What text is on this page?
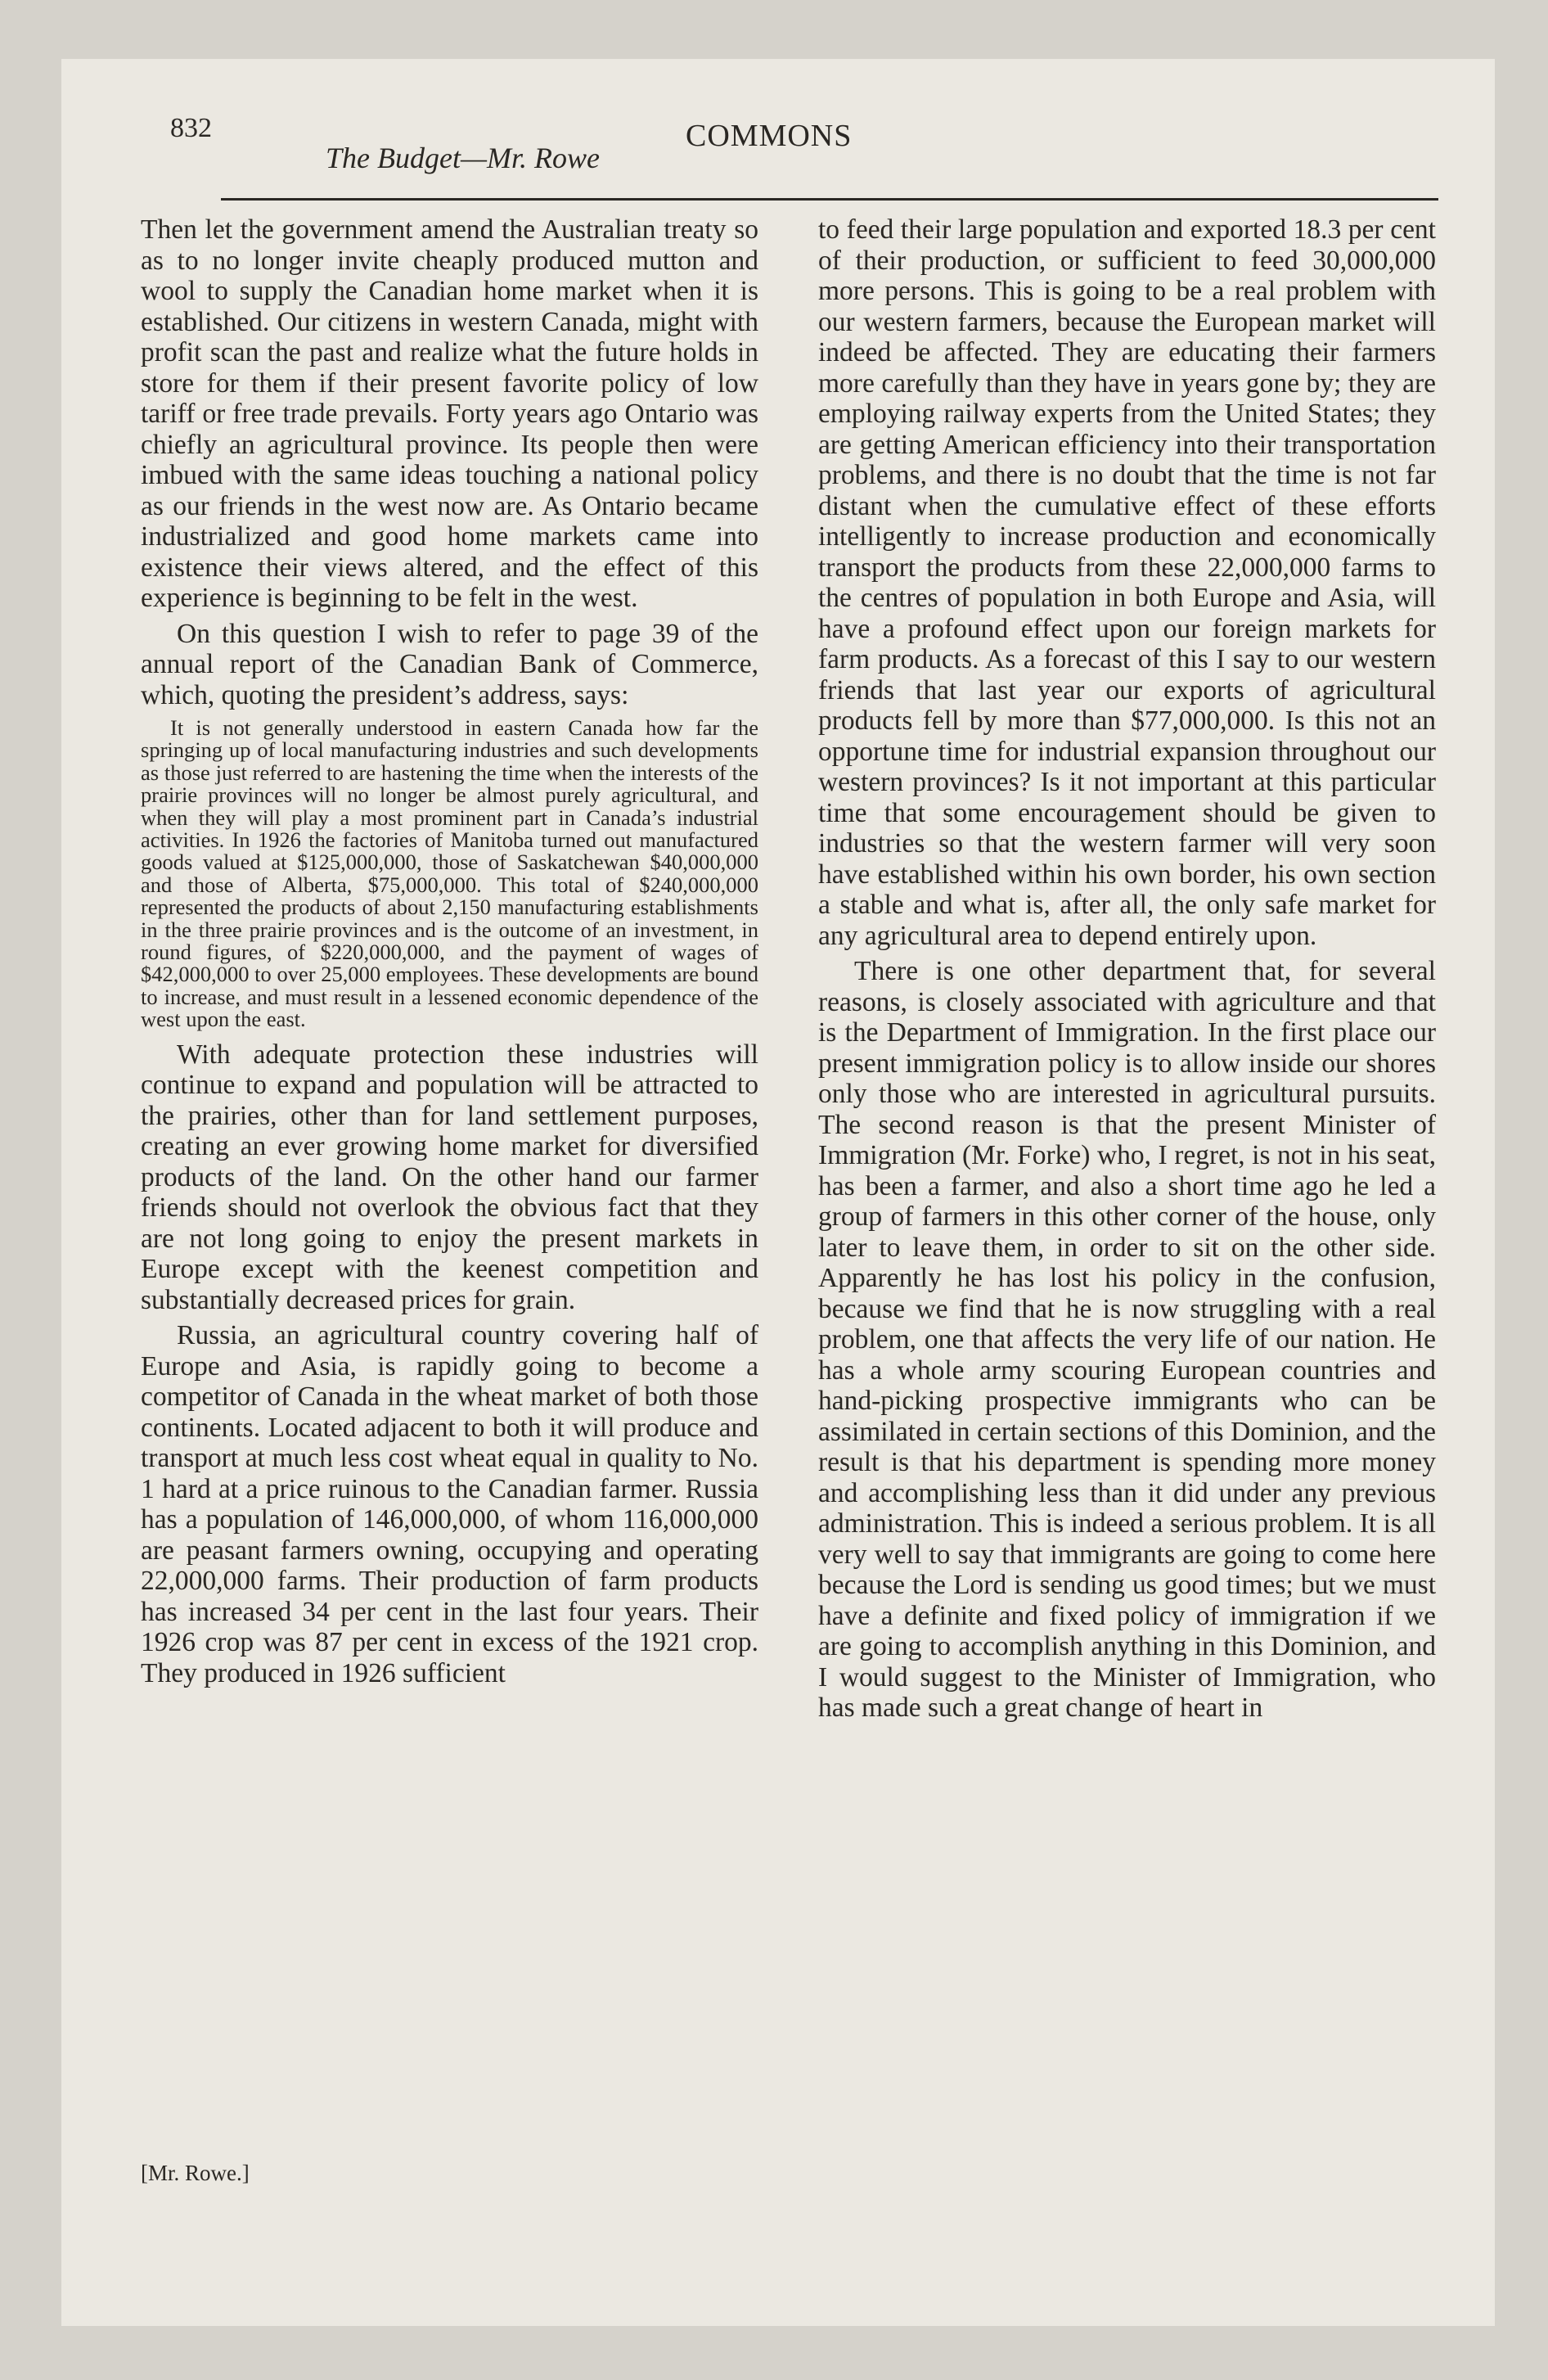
832
The Budget—Mr. Rowe
COMMONS

Then let the government amend the Australian treaty so as to no longer invite cheaply produced mutton and wool to supply the Canadian home market when it is established. Our citizens in western Canada, might with profit scan the past and realize what the future holds in store for them if their present favorite policy of low tariff or free trade prevails. Forty years ago Ontario was chiefly an agricultural province. Its people then were imbued with the same ideas touching a national policy as our friends in the west now are. As Ontario became industrialized and good home markets came into existence their views altered, and the effect of this experience is beginning to be felt in the west.

On this question I wish to refer to page 39 of the annual report of the Canadian Bank of Commerce, which, quoting the president’s address, says:

It is not generally understood in eastern Canada how far the springing up of local manufacturing industries and such developments as those just referred to are hastening the time when the interests of the prairie provinces will no longer be almost purely agricultural, and when they will play a most prominent part in Canada’s industrial activities. In 1926 the factories of Manitoba turned out manufactured goods valued at $125,000,000, those of Saskatchewan $40,000,000 and those of Alberta, $75,000,000. This total of $240,000,000 represented the products of about 2,150 manufacturing establishments in the three prairie provinces and is the outcome of an investment, in round figures, of $220,000,000, and the payment of wages of $42,000,000 to over 25,000 employees. These developments are bound to increase, and must result in a lessened economic dependence of the west upon the east.

With adequate protection these industries will continue to expand and population will be attracted to the prairies, other than for land settlement purposes, creating an ever growing home market for diversified products of the land. On the other hand our farmer friends should not overlook the obvious fact that they are not long going to enjoy the present markets in Europe except with the keenest competition and substantially decreased prices for grain.

Russia, an agricultural country covering half of Europe and Asia, is rapidly going to become a competitor of Canada in the wheat market of both those continents. Located adjacent to both it will produce and transport at much less cost wheat equal in quality to No. 1 hard at a price ruinous to the Canadian farmer. Russia has a population of 146,000,000, of whom 116,000,000 are peasant farmers owning, occupying and operating 22,000,000 farms. Their production of farm products has increased 34 per cent in the last four years. Their 1926 crop was 87 per cent in excess of the 1921 crop. They produced in 1926 sufficient

to feed their large population and exported 18.3 per cent of their production, or sufficient to feed 30,000,000 more persons. This is going to be a real problem with our western farmers, because the European market will indeed be affected. They are educating their farmers more carefully than they have in years gone by; they are employing railway experts from the United States; they are getting American efficiency into their transportation problems, and there is no doubt that the time is not far distant when the cumulative effect of these efforts intelligently to increase production and economically transport the products from these 22,000,000 farms to the centres of population in both Europe and Asia, will have a profound effect upon our foreign markets for farm products. As a forecast of this I say to our western friends that last year our exports of agricultural products fell by more than $77,000,000. Is this not an opportune time for industrial expansion throughout our western provinces? Is it not important at this particular time that some encouragement should be given to industries so that the western farmer will very soon have established within his own border, his own section a stable and what is, after all, the only safe market for any agricultural area to depend entirely upon.

There is one other department that, for several reasons, is closely associated with agriculture and that is the Department of Immigration. In the first place our present immigration policy is to allow inside our shores only those who are interested in agricultural pursuits. The second reason is that the present Minister of Immigration (Mr. Forke) who, I regret, is not in his seat, has been a farmer, and also a short time ago he led a group of farmers in this other corner of the house, only later to leave them, in order to sit on the other side. Apparently he has lost his policy in the confusion, because we find that he is now struggling with a real problem, one that affects the very life of our nation. He has a whole army scouring European countries and hand-picking prospective immigrants who can be assimilated in certain sections of this Dominion, and the result is that his department is spending more money and accomplishing less than it did under any previous administration. This is indeed a serious problem. It is all very well to say that immigrants are going to come here because the Lord is sending us good times; but we must have a definite and fixed policy of immigration if we are going to accomplish anything in this Dominion, and I would suggest to the Minister of Immigration, who has made such a great change of heart in

[Mr. Rowe.]
